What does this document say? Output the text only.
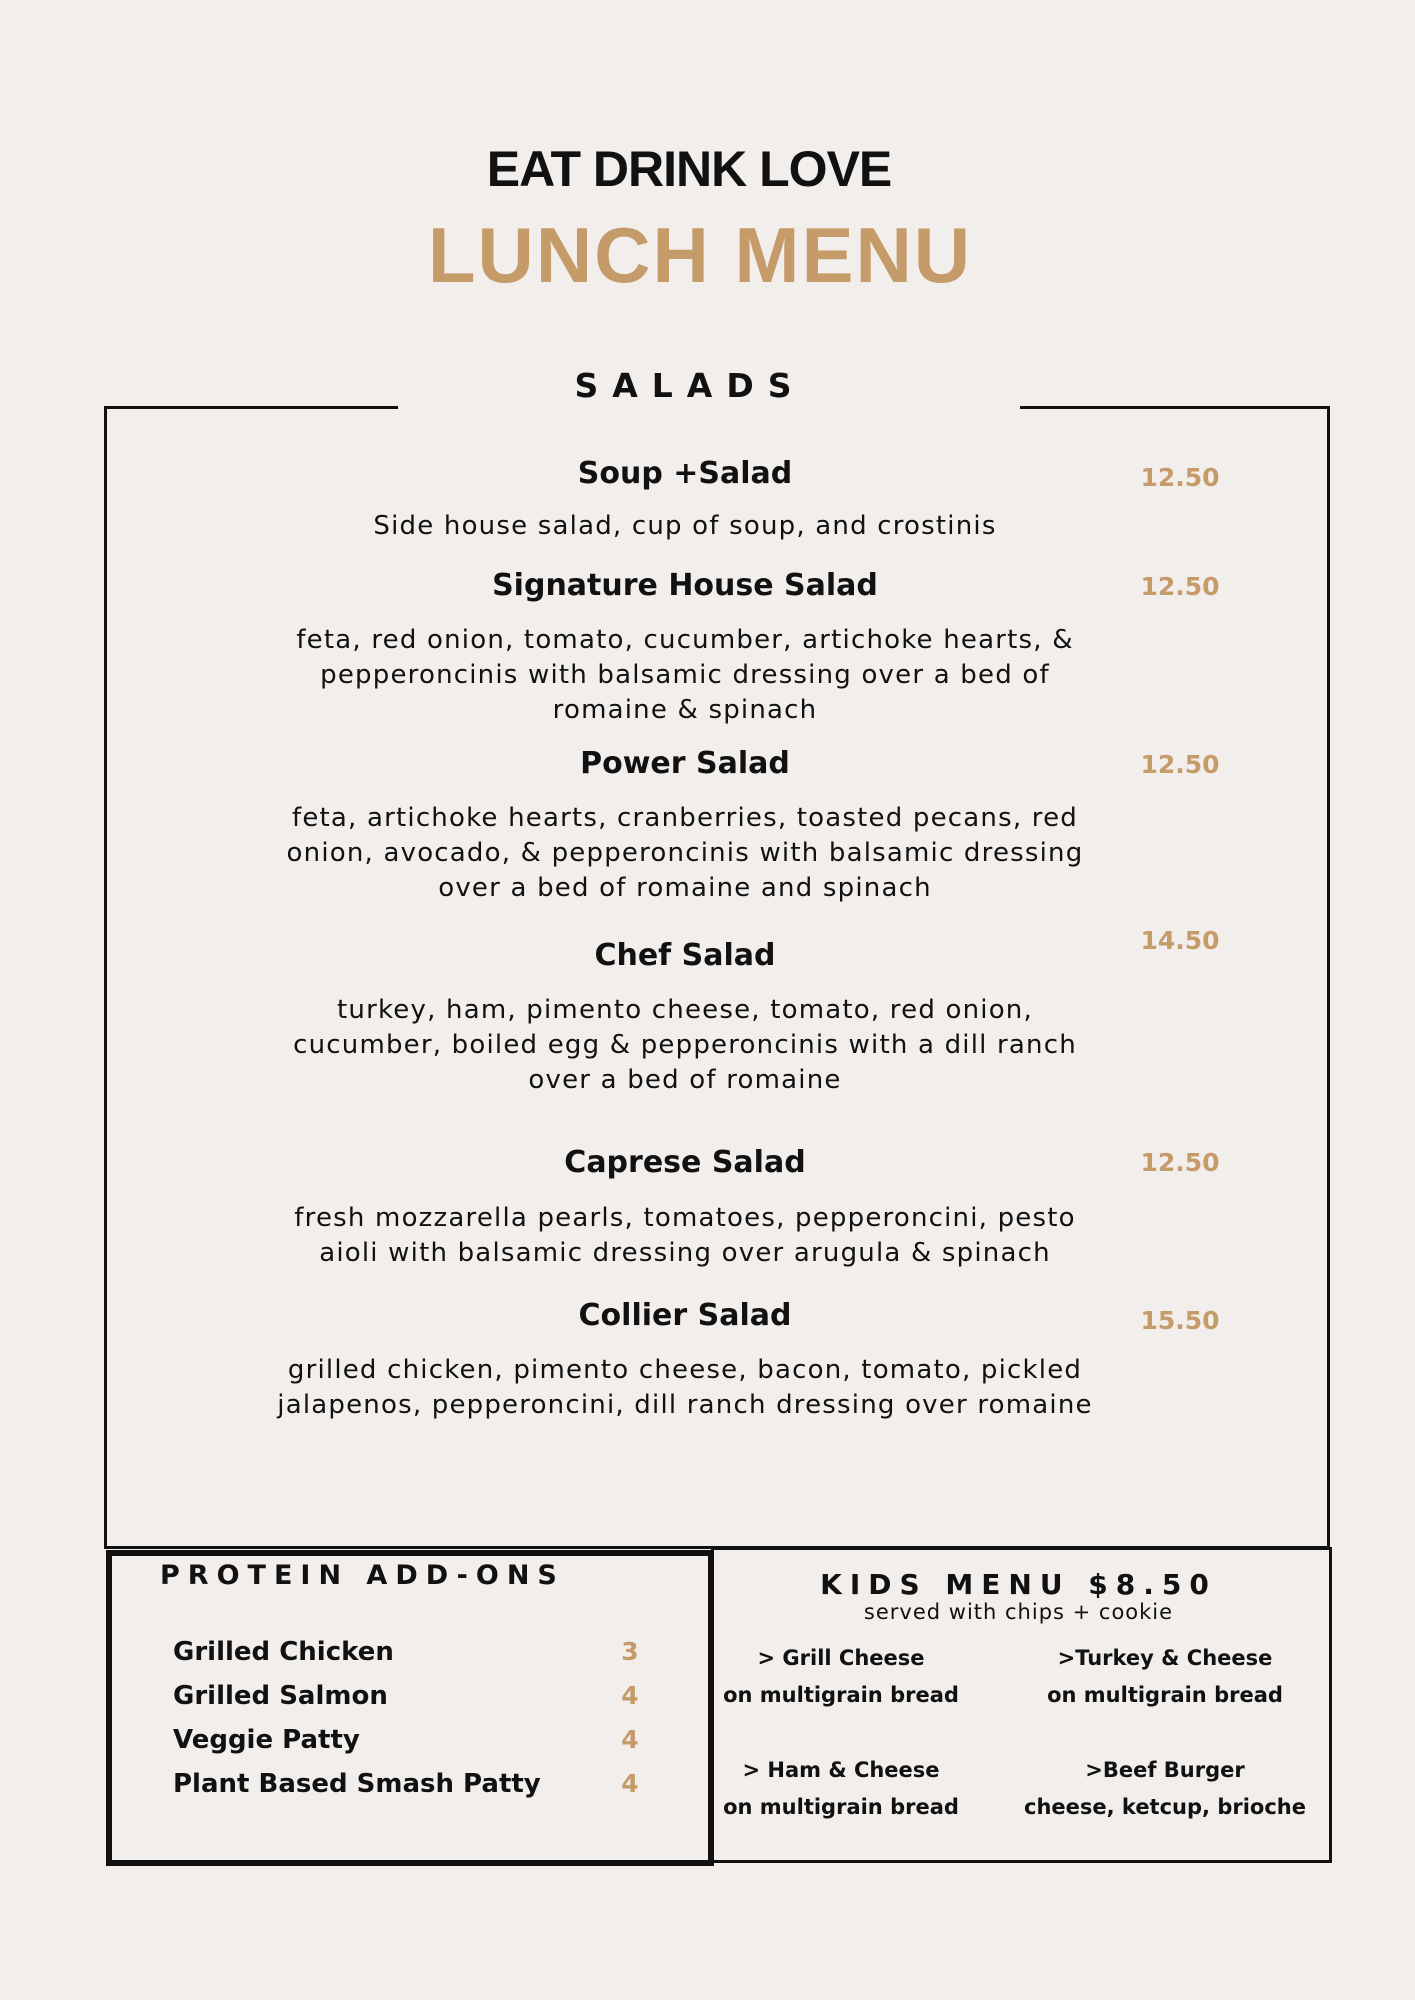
EAT DRINK LOVE
LUNCH MENU
SALADS
Soup +Salad	12.50
Side house salad, cup of soup, and crostinis
Signature House Salad	12.50
feta, red onion, tomato, cucumber, artichoke hearts, & pepperoncinis with balsamic dressing over a bed of romaine & spinach
Power Salad	12.50
feta, artichoke hearts, cranberries, toasted pecans, red onion, avocado, & pepperoncinis with balsamic dressing over a bed of romaine and spinach
Chef Salad	14.50
turkey, ham, pimento cheese, tomato, red onion, cucumber, boiled egg & pepperoncinis with a dill ranch over a bed of romaine
Caprese Salad	12.50
fresh mozzarella pearls, tomatoes, pepperoncini, pesto aioli with balsamic dressing over arugula & spinach
Collier Salad	15.50
grilled chicken, pimento cheese, bacon, tomato, pickled jalapenos, pepperoncini, dill ranch dressing over romaine
PROTEIN ADD-ONS
Grilled Chicken	3
Grilled Salmon	4
Veggie Patty	4
Plant Based Smash Patty	4
KIDS MENU $8.50
served with chips + cookie
> Grill Cheese
on multigrain bread
>Turkey & Cheese
on multigrain bread
> Ham & Cheese
on multigrain bread
>Beef Burger
cheese, ketcup, brioche
